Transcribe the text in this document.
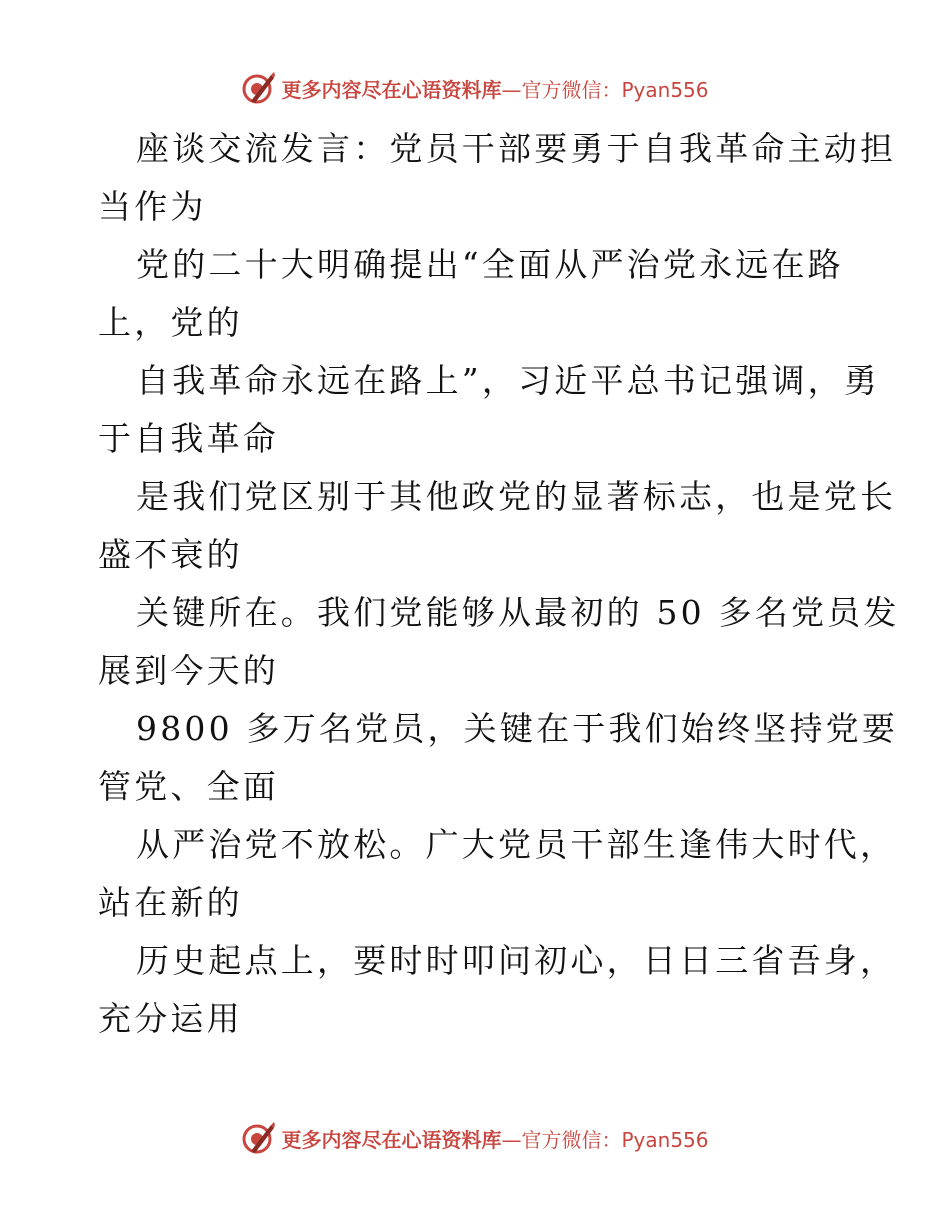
更多内容尽在心语资料库—官方微信：Pyan556
座谈交流发言：党员干部要勇于自我革命主动担
当作为
党的二十大明确提出“全面从严治党永远在路
上，党的
自我革命永远在路上”，习近平总书记强调，勇
于自我革命
是我们党区别于其他政党的显著标志，也是党长
盛不衰的
关键所在。我们党能够从最初的 50 多名党员发
展到今天的
9800 多万名党员，关键在于我们始终坚持党要
管党、全面
从严治党不放松。广大党员干部生逢伟大时代，
站在新的
历史起点上，要时时叩问初心，日日三省吾身，
充分运用
更多内容尽在心语资料库—官方微信：Pyan556
